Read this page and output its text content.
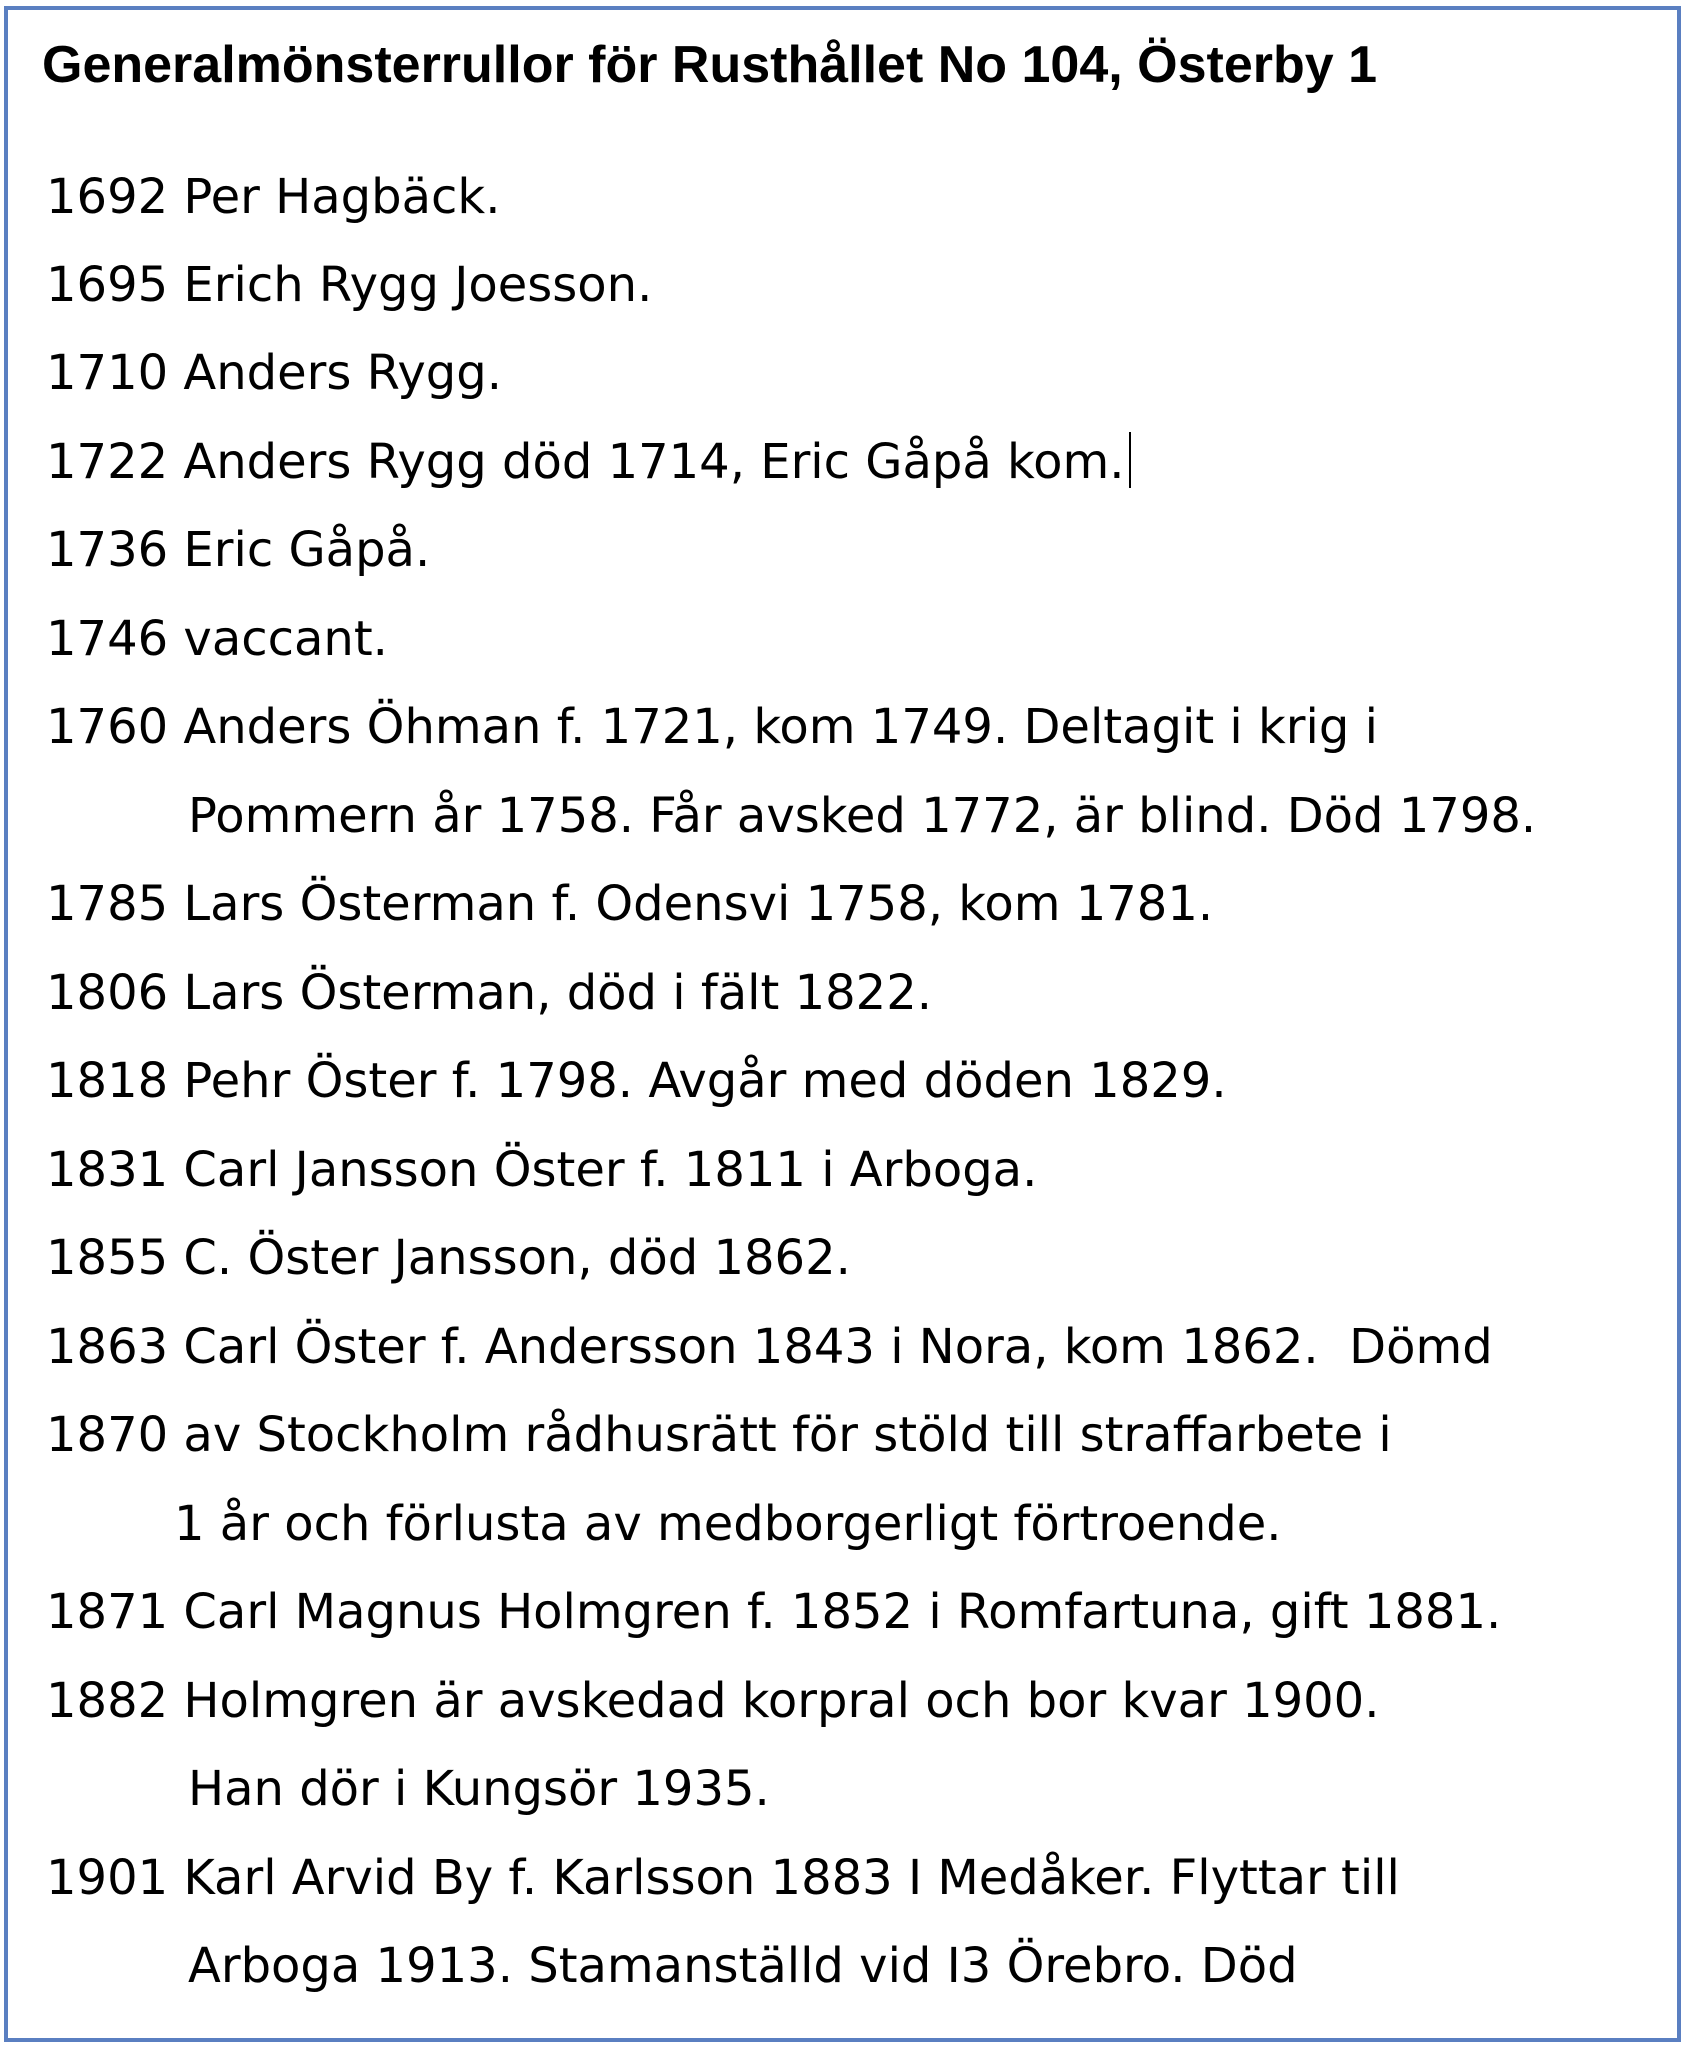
Generalmönsterrullor för Rusthållet No 104, Österby 1
1692 Per Hagbäck.
1695 Erich Rygg Joesson.
1710 Anders Rygg.
1722 Anders Rygg död 1714, Eric Gåpå kom.
1736 Eric Gåpå.
1746 vaccant.
1760 Anders Öhman f. 1721, kom 1749. Deltagit i krig i
Pommern år 1758. Får avsked 1772, är blind. Död 1798.
1785 Lars Österman f. Odensvi 1758, kom 1781.
1806 Lars Österman, död i fält 1822.
1818 Pehr Öster f. 1798. Avgår med döden 1829.
1831 Carl Jansson Öster f. 1811 i Arboga.
1855 C. Öster Jansson, död 1862.
1863 Carl Öster f. Andersson 1843 i Nora, kom 1862.  Dömd
1870 av Stockholm rådhusrätt för stöld till straffarbete i
1 år och förlusta av medborgerligt förtroende.
1871 Carl Magnus Holmgren f. 1852 i Romfartuna, gift 1881.
1882 Holmgren är avskedad korpral och bor kvar 1900.
Han dör i Kungsör 1935.
1901 Karl Arvid By f. Karlsson 1883 I Medåker. Flyttar till
Arboga 1913. Stamanställd vid I3 Örebro. Död
